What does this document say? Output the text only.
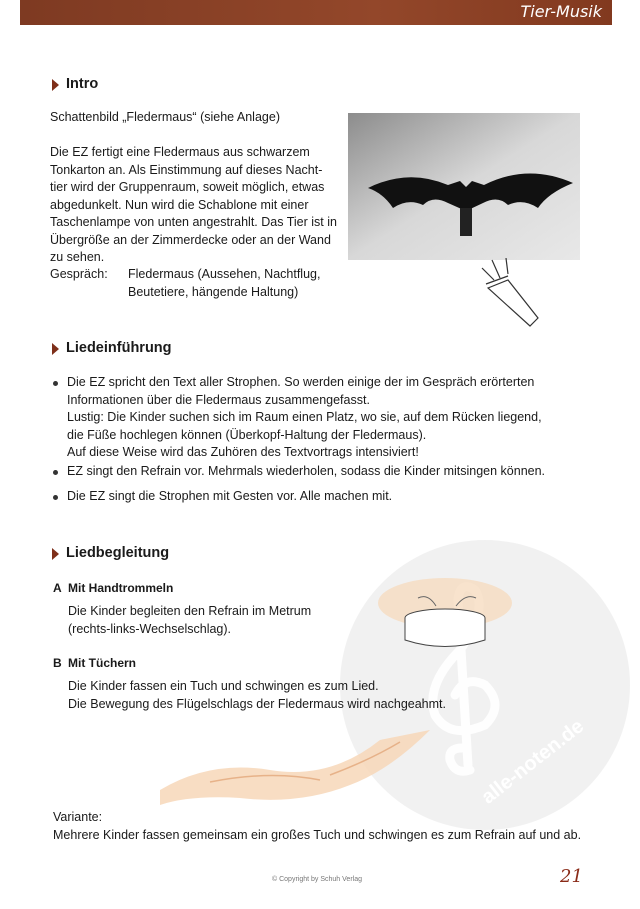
alle-noten.de
Tier-Musik
Intro
Schattenbild „Fledermaus“ (siehe Anlage)
Die EZ fertigt eine Fledermaus aus schwarzem
Tonkarton an. Als Einstimmung auf dieses Nacht-
tier wird der Gruppenraum, soweit möglich, etwas
abgedunkelt. Nun wird die Schablone mit einer
Taschenlampe von unten angestrahlt. Das Tier ist in
Übergröße an der Zimmerdecke oder an der Wand
zu sehen.
Gespräch: Fledermaus (Aussehen, Nachtflug,
Beutetiere, hängende Haltung)
Liedeinführung
Die EZ spricht den Text aller Strophen. So werden einige der im Gespräch erörterten
Informationen über die Fledermaus zusammengefasst.
Lustig: Die Kinder suchen sich im Raum einen Platz, wo sie, auf dem Rücken liegend,
die Füße hochlegen können (Überkopf-Haltung der Fledermaus).
Auf diese Weise wird das Zuhören des Textvortrags intensiviert!
EZ singt den Refrain vor. Mehrmals wiederholen, sodass die Kinder mitsingen können.
Die EZ singt die Strophen mit Gesten vor. Alle machen mit.
Liedbegleitung
A Mit Handtrommeln
Die Kinder begleiten den Refrain im Metrum
(rechts-links-Wechselschlag).
B Mit Tüchern
Die Kinder fassen ein Tuch und schwingen es zum Lied.
Die Bewegung des Flügelschlags der Fledermaus wird nachgeahmt.
Variante:
Mehrere Kinder fassen gemeinsam ein großes Tuch und schwingen es zum Refrain auf und ab.
© Copyright by Schuh Verlag	21
